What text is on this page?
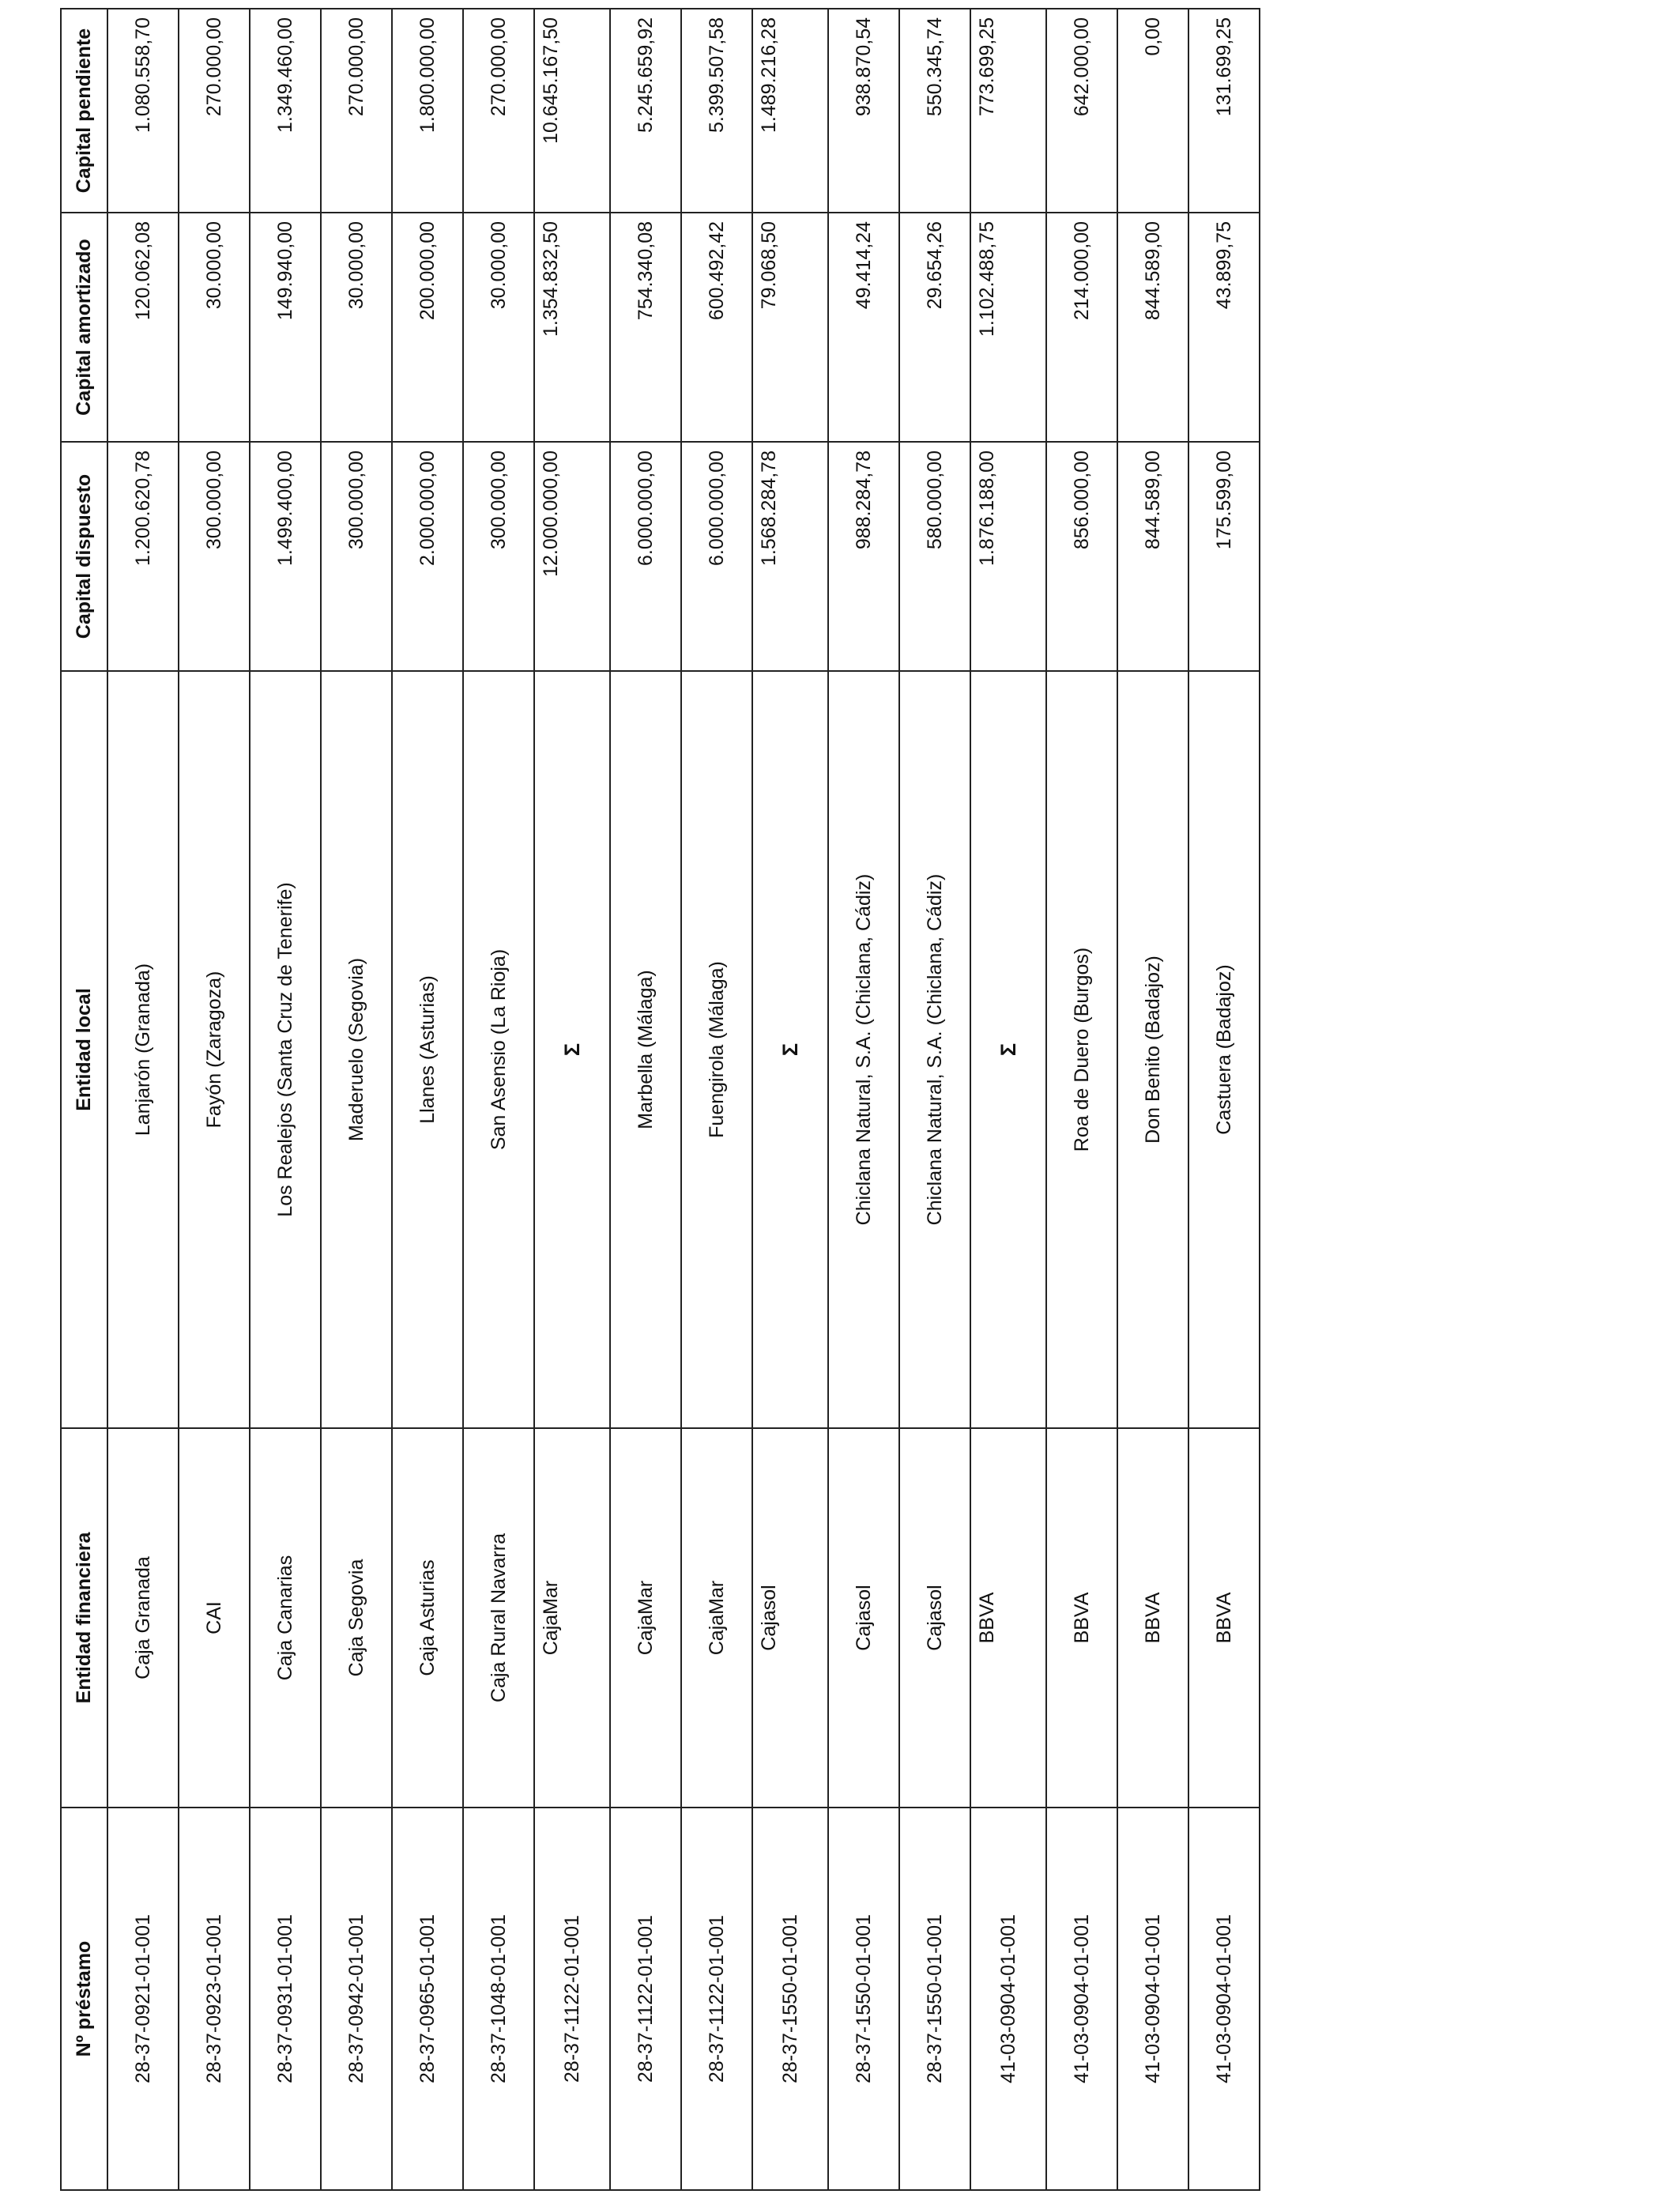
Nº préstamo	Entidad financiera	Entidad local	Capital dispuesto	Capital amortizado	Capital pendiente
28-37-0921-01-001	Caja Granada	Lanjarón (Granada)	1.200.620,78	120.062,08	1.080.558,70
28-37-0923-01-001	CAI	Fayón (Zaragoza)	300.000,00	30.000,00	270.000,00
28-37-0931-01-001	Caja Canarias	Los Realejos (Santa Cruz de Tenerife)	1.499.400,00	149.940,00	1.349.460,00
28-37-0942-01-001	Caja Segovia	Maderuelo (Segovia)	300.000,00	30.000,00	270.000,00
28-37-0965-01-001	Caja Asturias	Llanes (Asturias)	2.000.000,00	200.000,00	1.800.000,00
28-37-1048-01-001	Caja Rural Navarra	San Asensio (La Rioja)	300.000,00	30.000,00	270.000,00
28-37-1122-01-001	CajaMar	Σ	12.000.000,00	1.354.832,50	10.645.167,50
28-37-1122-01-001	CajaMar	Marbella (Málaga)	6.000.000,00	754.340,08	5.245.659,92
28-37-1122-01-001	CajaMar	Fuengirola (Málaga)	6.000.000,00	600.492,42	5.399.507,58
28-37-1550-01-001	Cajasol	Σ	1.568.284,78	79.068,50	1.489.216,28
28-37-1550-01-001	Cajasol	Chiclana Natural, S.A. (Chiclana, Cádiz)	988.284,78	49.414,24	938.870,54
28-37-1550-01-001	Cajasol	Chiclana Natural, S.A. (Chiclana, Cádiz)	580.000,00	29.654,26	550.345,74
41-03-0904-01-001	BBVA	Σ	1.876.188,00	1.102.488,75	773.699,25
41-03-0904-01-001	BBVA	Roa de Duero (Burgos)	856.000,00	214.000,00	642.000,00
41-03-0904-01-001	BBVA	Don Benito (Badajoz)	844.589,00	844.589,00	0,00
41-03-0904-01-001	BBVA	Castuera (Badajoz)	175.599,00	43.899,75	131.699,25
